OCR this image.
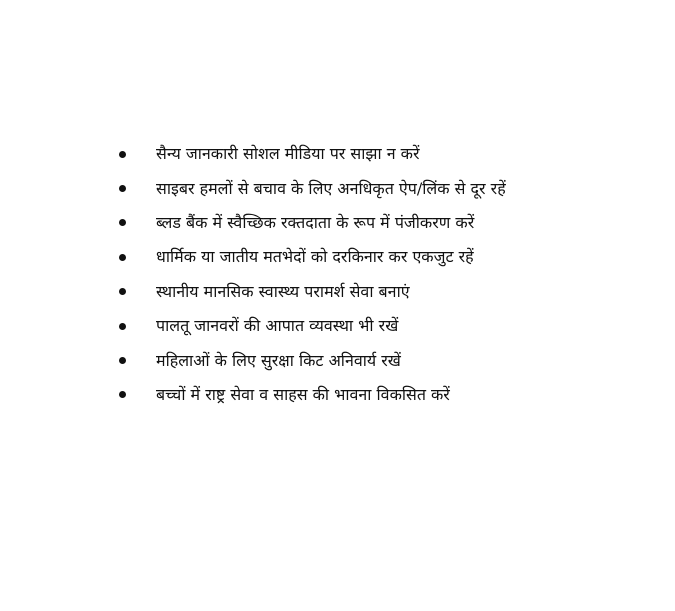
सैन्य जानकारी सोशल मीडिया पर साझा न करें
साइबर हमलों से बचाव के लिए अनधिकृत ऐप/लिंक से दूर रहें
ब्लड बैंक में स्वैच्छिक रक्तदाता के रूप में पंजीकरण करें
धार्मिक या जातीय मतभेदों को दरकिनार कर एकजुट रहें
स्थानीय मानसिक स्वास्थ्य परामर्श सेवा बनाएं
पालतू जानवरों की आपात व्यवस्था भी रखें
महिलाओं के लिए सुरक्षा किट अनिवार्य रखें
बच्चों में राष्ट्र सेवा व साहस की भावना विकसित करें
